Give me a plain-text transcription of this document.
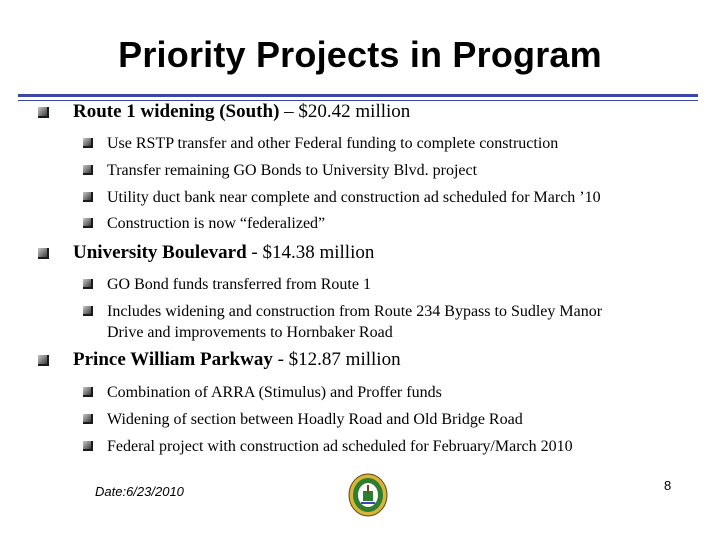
Priority Projects in Program
Route 1 widening (South) – $20.42 million
Use RSTP transfer and other Federal funding to complete construction
Transfer remaining GO Bonds to University Blvd. project
Utility duct bank near complete and construction ad scheduled for March ’10
Construction is now “federalized”
University Boulevard - $14.38 million
GO Bond funds transferred from Route 1
Includes widening and construction from Route 234 Bypass to Sudley Manor
Drive and improvements to Hornbaker Road
Prince William Parkway - $12.87 million
Combination of ARRA (Stimulus) and Proffer funds
Widening of section between Hoadly Road and Old Bridge Road
Federal project with construction ad scheduled for February/March 2010
Date:6/23/2010	8
